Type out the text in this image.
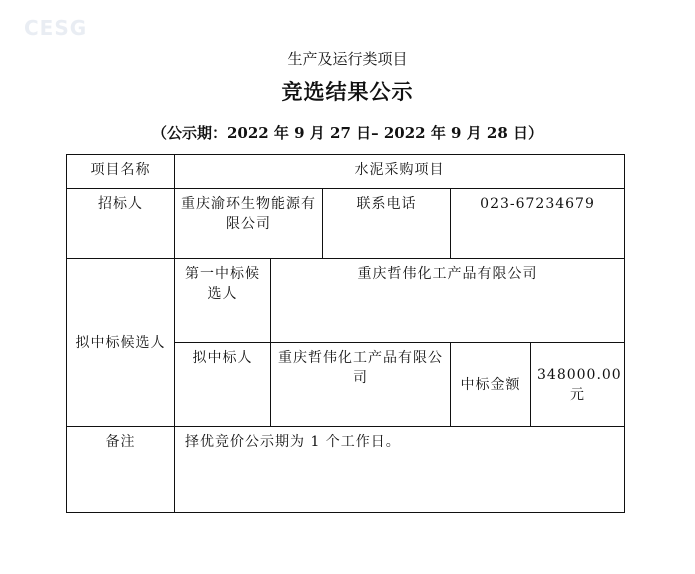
CESG
生产及运行类项目
竞选结果公示
（公示期：2022 年 9 月 27 日– 2022 年 9 月 28 日）
项目名称	水泥采购项目				
招标人	重庆渝环生物能源有限公司		联系电话	023-67234679	
拟中标候选人	第一中标候选人	重庆哲伟化工产品有限公司			
	拟中标人	重庆哲伟化工产品有限公司		中标金额	348000.00 元
备注	择优竞价公示期为 1 个工作日。				
